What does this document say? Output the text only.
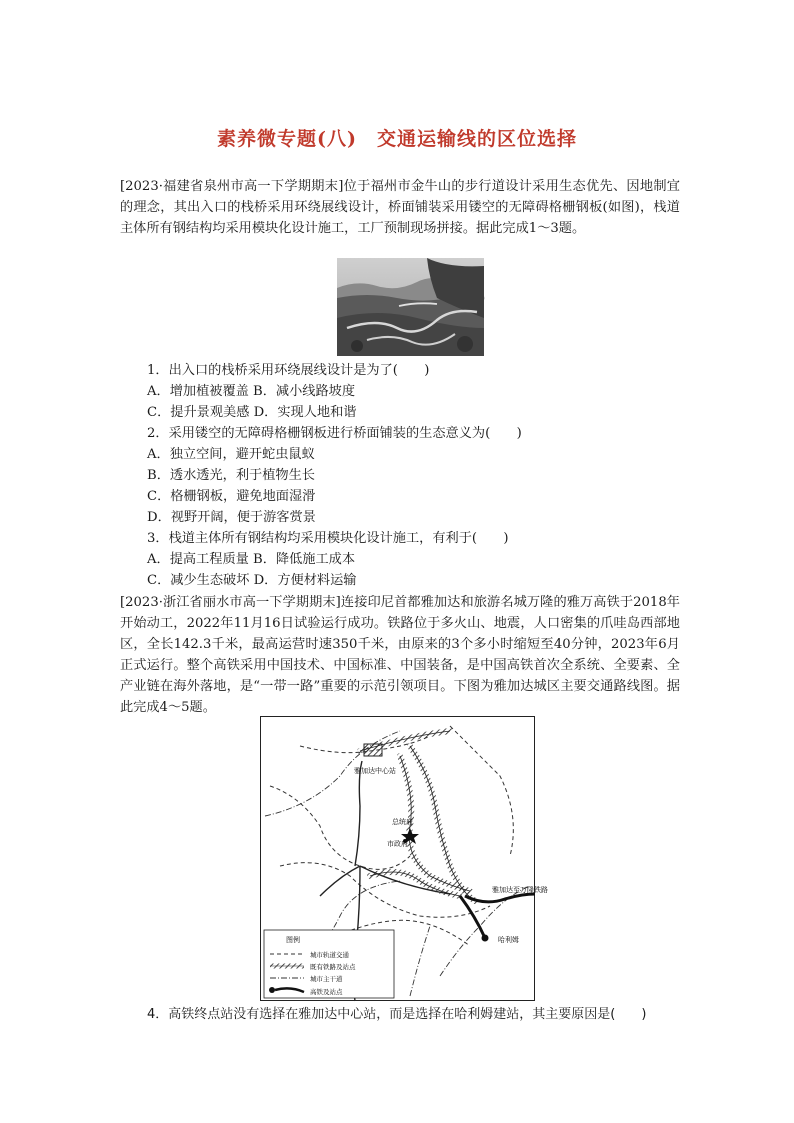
素养微专题(八)　交通运输线的区位选择
[2023·福建省泉州市高一下学期期末]位于福州市金牛山的步行道设计采用生态优先、因地制宜的理念，其出入口的栈桥采用环绕展线设计，桥面铺装采用镂空的无障碍格栅钢板(如图)，栈道主体所有钢结构均采用模块化设计施工，工厂预制现场拼接。据此完成1～3题。
1．出入口的栈桥采用环绕展线设计是为了(　　)
A．增加植被覆盖 B．减小线路坡度
C．提升景观美感 D．实现人地和谐
2．采用镂空的无障碍格栅钢板进行桥面铺装的生态意义为(　　)
A．独立空间，避开蛇虫鼠蚁
B．透水透光，利于植物生长
C．格栅钢板，避免地面湿滑
D．视野开阔，便于游客赏景
3．栈道主体所有钢结构均采用模块化设计施工，有利于(　　)
A．提高工程质量 B．降低施工成本
C．减少生态破坏 D．方便材料运输
[2023·浙江省丽水市高一下学期期末]连接印尼首都雅加达和旅游名城万隆的雅万高铁于2018年开始动工，2022年11月16日试验运行成功。铁路位于多火山、地震，人口密集的爪哇岛西部地区，全长142.3千米，最高运营时速350千米，由原来的3个多小时缩短至40分钟，2023年6月正式运行。整个高铁采用中国技术、中国标准、中国装备，是中国高铁首次全系统、全要素、全产业链在海外落地，是“一带一路”重要的示范引领项目。下图为雅加达城区主要交通路线图。据此完成4～5题。
雅加达中心站
总统府
市政府
雅加达至万隆铁路
哈利姆
图例
城市轨道交通
既有铁路及站点
城市主干道
高铁及站点
4．高铁终点站没有选择在雅加达中心站，而是选择在哈利姆建站，其主要原因是(　　)
